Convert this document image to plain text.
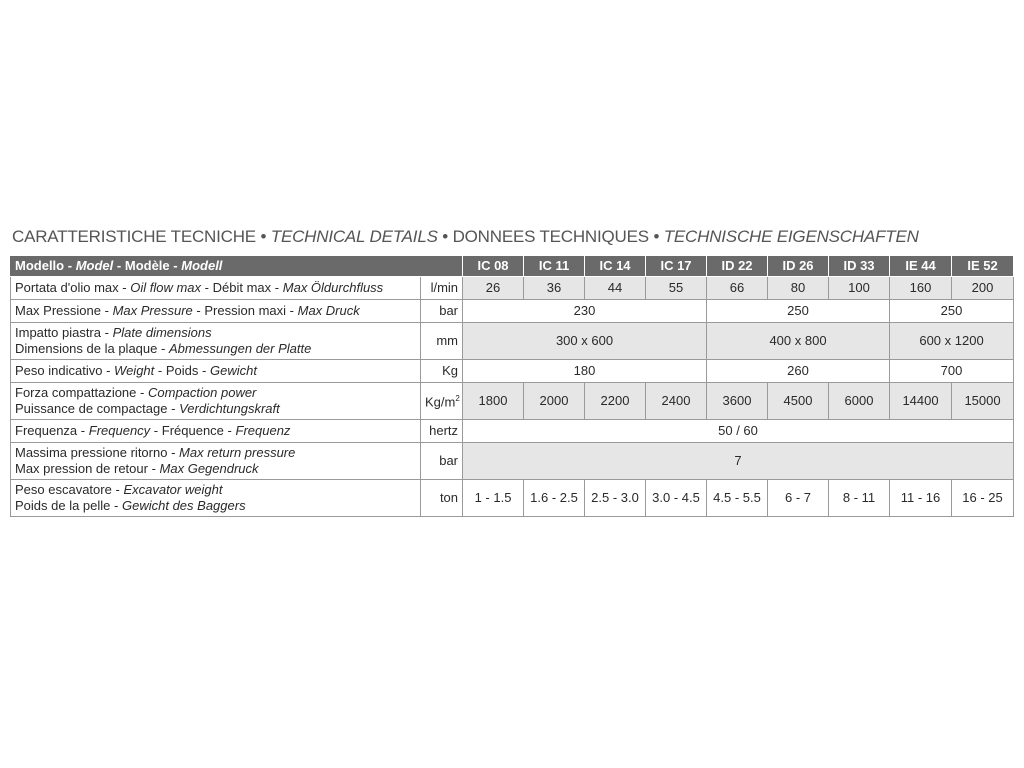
CARATTERISTICHE TECNICHE • TECHNICAL DETAILS • DONNEES TECHNIQUES • TECHNISCHE EIGENSCHAFTEN
Modello - Model - Modèle - Modell		IC 08	IC 11	IC 14	IC 17	ID 22	ID 26	ID 33	IE 44	IE 52
Portata d'olio max - Oil flow max - Débit max - Max Öldurchfluss	l/min	26	36	44	55	66	80	100	160	200
Max Pressione - Max Pressure - Pression maxi - Max Druck	bar	230				250			250	
Impatto piastra - Plate dimensions
Dimensions de la plaque - Abmessungen der Platte	mm	300 x 600				400 x 800			600 x 1200	
Peso indicativo - Weight - Poids - Gewicht	Kg	180				260			700	
Forza compattazione - Compaction power
Puissance de compactage - Verdichtungskraft	$Kg/m^2$	1800	2000	2200	2400	3600	4500	6000	14400	15000
Frequenza - Frequency - Fréquence - Frequenz	hertz	50 / 60								
Massima pressione ritorno - Max return pressure
Max pression de retour - Max Gegendruck	bar	7								
Peso escavatore - Excavator weight
Poids de la pelle - Gewicht des Baggers	ton	1 - 1.5	1.6 - 2.5	2.5 - 3.0	3.0 - 4.5	4.5 - 5.5	6 - 7	8 - 11	11 - 16	16 - 25
